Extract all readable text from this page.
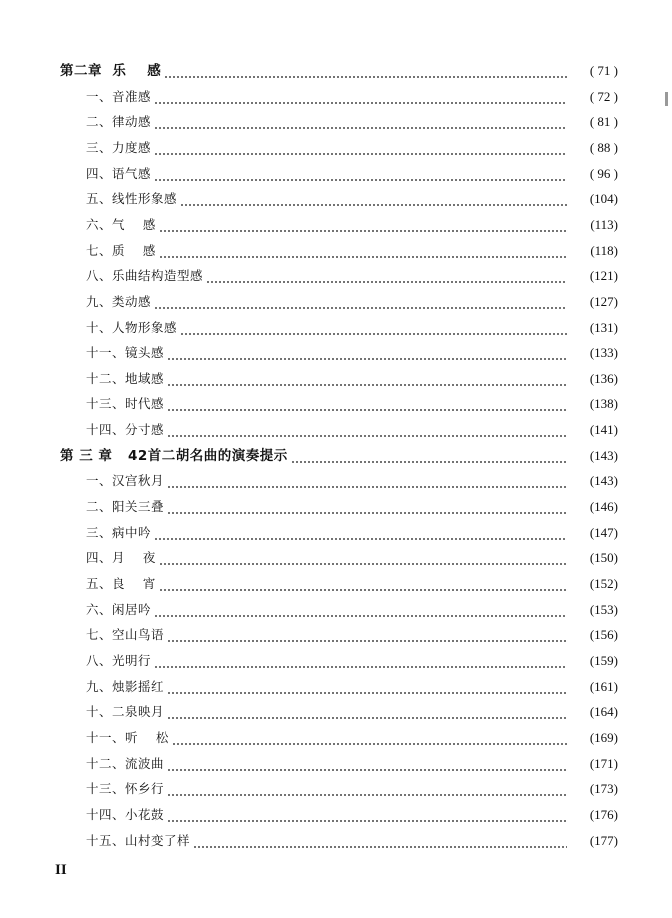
第二章  乐    感	( 71 )
一、音准感	( 72 )
二、律动感	( 81 )
三、力度感	( 88 )
四、语气感	( 96 )
五、线性形象感	(104)
六、气    感	(113)
七、质    感	(118)
八、乐曲结构造型感	(121)
九、类动感	(127)
十、人物形象感	(131)
十一、镜头感	(133)
十二、地域感	(136)
十三、时代感	(138)
十四、分寸感	(141)
第 三 章   42首二胡名曲的演奏提示	(143)
一、汉宫秋月	(143)
二、阳关三叠	(146)
三、病中吟	(147)
四、月    夜	(150)
五、良    宵	(152)
六、闲居吟	(153)
七、空山鸟语	(156)
八、光明行	(159)
九、烛影摇红	(161)
十、二泉映月	(164)
十一、听    松	(169)
十二、流波曲	(171)
十三、怀乡行	(173)
十四、小花鼓	(176)
十五、山村变了样	(177)
II
